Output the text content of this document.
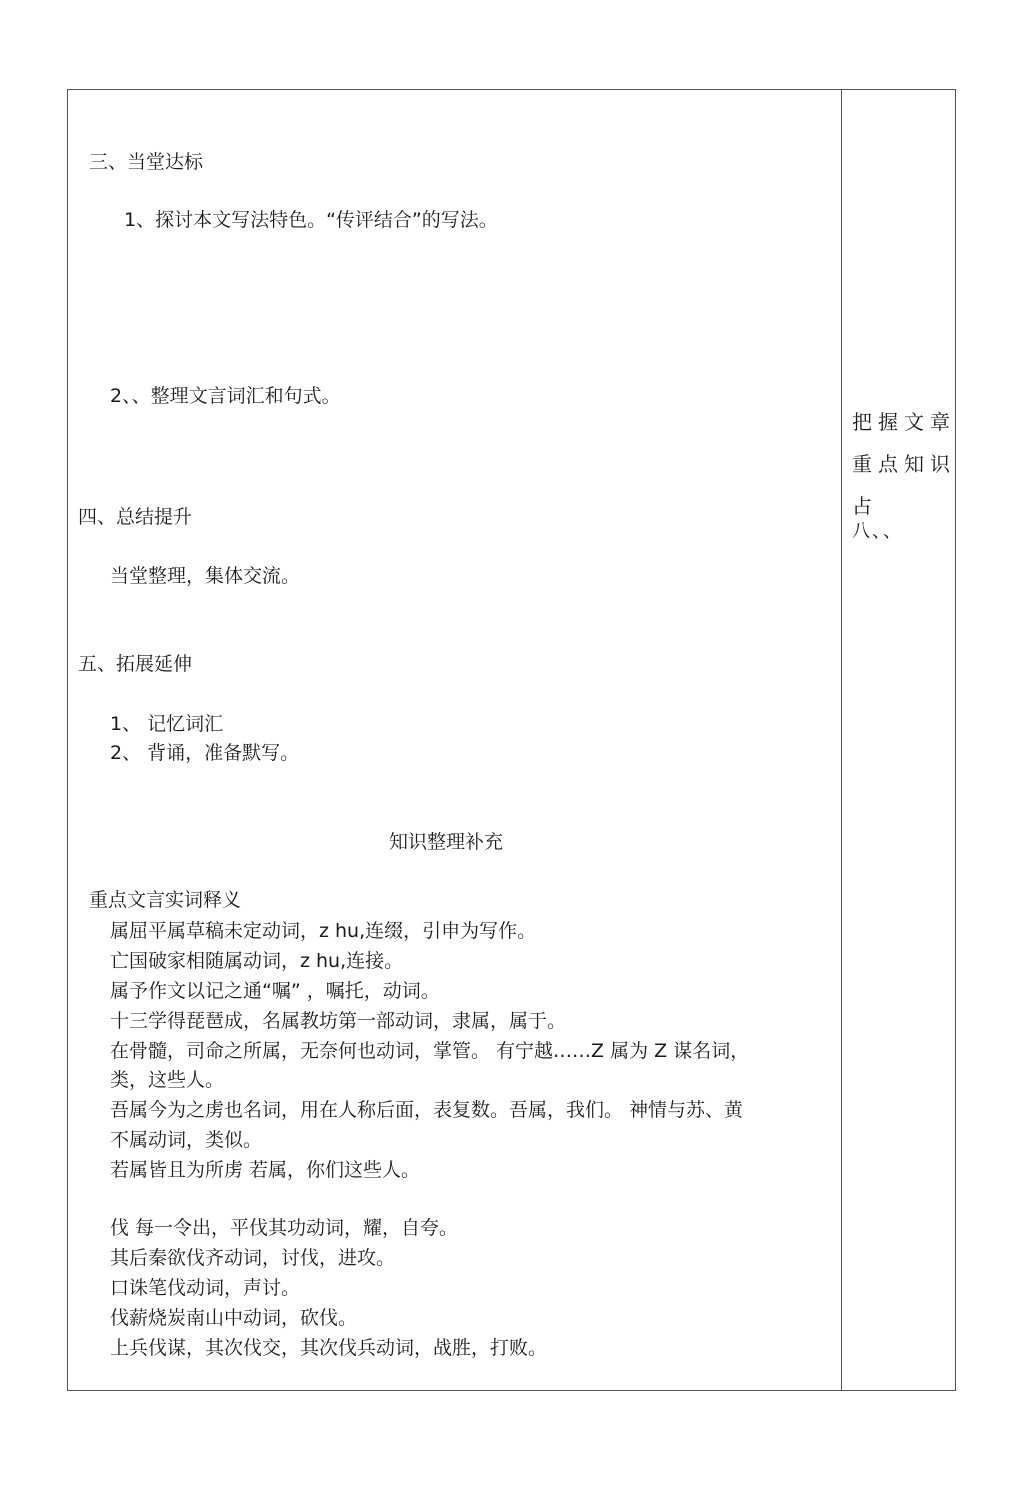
三、当堂达标
1、探讨本文写法特色。“传评结合”的写法。
2、、整理文言词汇和句式。
四、总结提升
当堂整理，集体交流。
五、拓展延伸
1、 记忆词汇
2、 背诵，准备默写。
知识整理补充
重点文言实词释义
属屈平属草稿未定动词，z hu,连缀，引申为写作。
亡国破家相随属动词，z hu,连接。
属予作文以记之通“嘱” ，嘱托，动词。
十三学得琵琶成，名属教坊第一部动词，隶属，属于。
在骨髓，司命之所属，无奈何也动词，掌管。 有宁越……Z 属为 Z 谋名词，
类，这些人。
吾属今为之虏也名词，用在人称后面，表复数。吾属，我们。 神情与苏、黄
不属动词，类似。
若属皆且为所虏 若属，你们这些人。
伐 每一令出，平伐其功动词，耀，自夸。
其后秦欲伐齐动词，讨伐，进攻。
口诛笔伐动词，声讨。
伐薪烧炭南山中动词，砍伐。
上兵伐谋，其次伐交，其次伐兵动词，战胜，打败。
把握文章
重点知识
占
八、、
